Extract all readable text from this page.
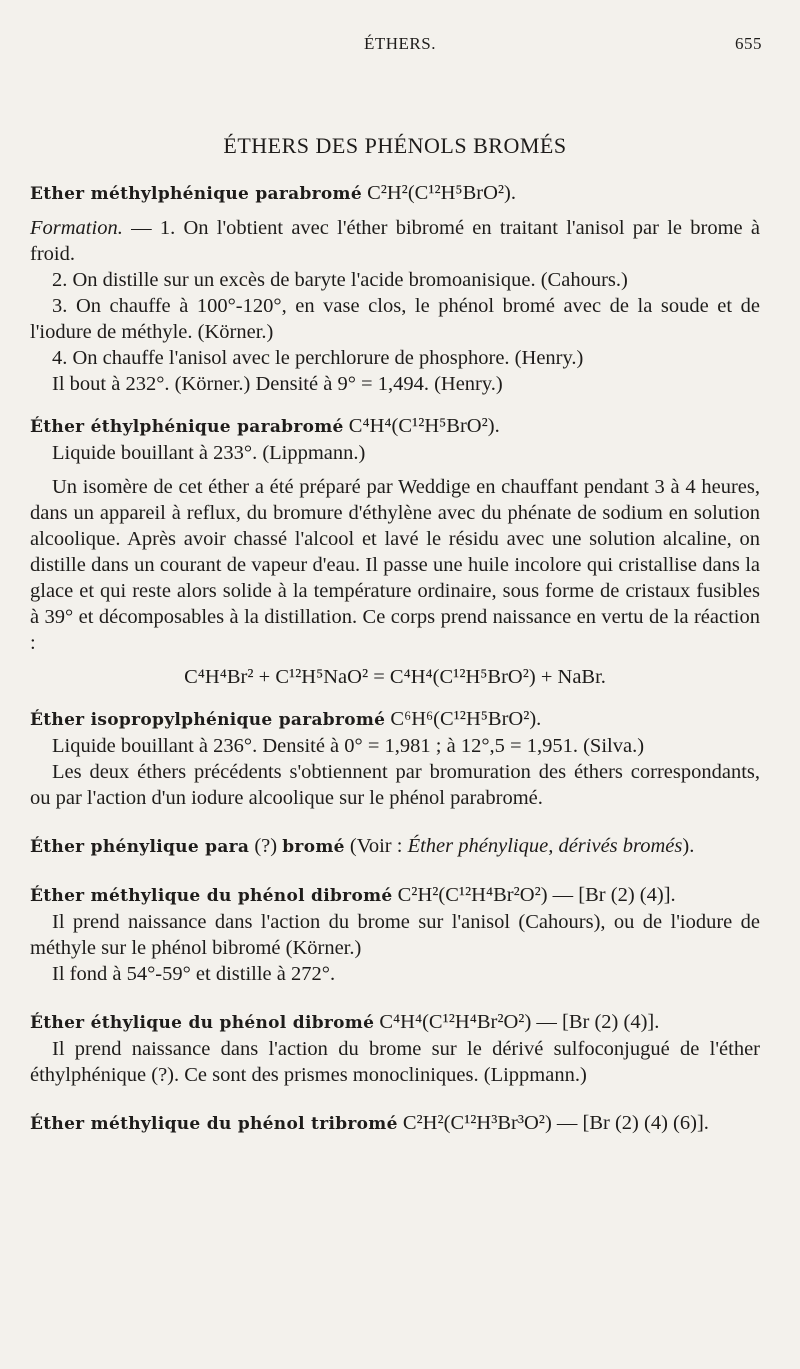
ÉTHERS.	655
ÉTHERS DES PHÉNOLS BROMÉS

Ether méthylphénique parabromé C²H²(C¹²H⁵BrO²).

Formation. — 1. On l'obtient avec l'éther bibromé en traitant l'anisol par le brome à froid.

2. On distille sur un excès de baryte l'acide bromoanisique. (Cahours.)

3. On chauffe à 100°-120°, en vase clos, le phénol bromé avec de la soude et de l'iodure de méthyle. (Körner.)

4. On chauffe l'anisol avec le perchlorure de phosphore. (Henry.)

Il bout à 232°. (Körner.) Densité à 9° = 1,494. (Henry.)

Éther éthylphénique parabromé C⁴H⁴(C¹²H⁵BrO²).

Liquide bouillant à 233°. (Lippmann.)

Un isomère de cet éther a été préparé par Weddige en chauffant pendant 3 à 4 heures, dans un appareil à reflux, du bromure d'éthylène avec du phénate de sodium en solution alcoolique. Après avoir chassé l'alcool et lavé le résidu avec une solution alcaline, on distille dans un courant de vapeur d'eau. Il passe une huile incolore qui cristallise dans la glace et qui reste alors solide à la température ordinaire, sous forme de cristaux fusibles à 39° et décomposables à la distillation. Ce corps prend naissance en vertu de la réaction :

C⁴H⁴Br² + C¹²H⁵NaO² = C⁴H⁴(C¹²H⁵BrO²) + NaBr.

Éther isopropylphénique parabromé C⁶H⁶(C¹²H⁵BrO²).

Liquide bouillant à 236°. Densité à 0° = 1,981 ; à 12°,5 = 1,951. (Silva.)

Les deux éthers précédents s'obtiennent par bromuration des éthers correspondants, ou par l'action d'un iodure alcoolique sur le phénol parabromé.

Éther phénylique para (?) bromé (Voir : Éther phénylique, dérivés bromés).

Éther méthylique du phénol dibromé C²H²(C¹²H⁴Br²O²) — [Br (2) (4)].

Il prend naissance dans l'action du brome sur l'anisol (Cahours), ou de l'iodure de méthyle sur le phénol bibromé (Körner.)

Il fond à 54°-59° et distille à 272°.

Éther éthylique du phénol dibromé C⁴H⁴(C¹²H⁴Br²O²) — [Br (2) (4)].

Il prend naissance dans l'action du brome sur le dérivé sulfoconjugué de l'éther éthylphénique (?). Ce sont des prismes monocliniques. (Lippmann.)

Éther méthylique du phénol tribromé C²H²(C¹²H³Br³O²) — [Br (2) (4) (6)].
